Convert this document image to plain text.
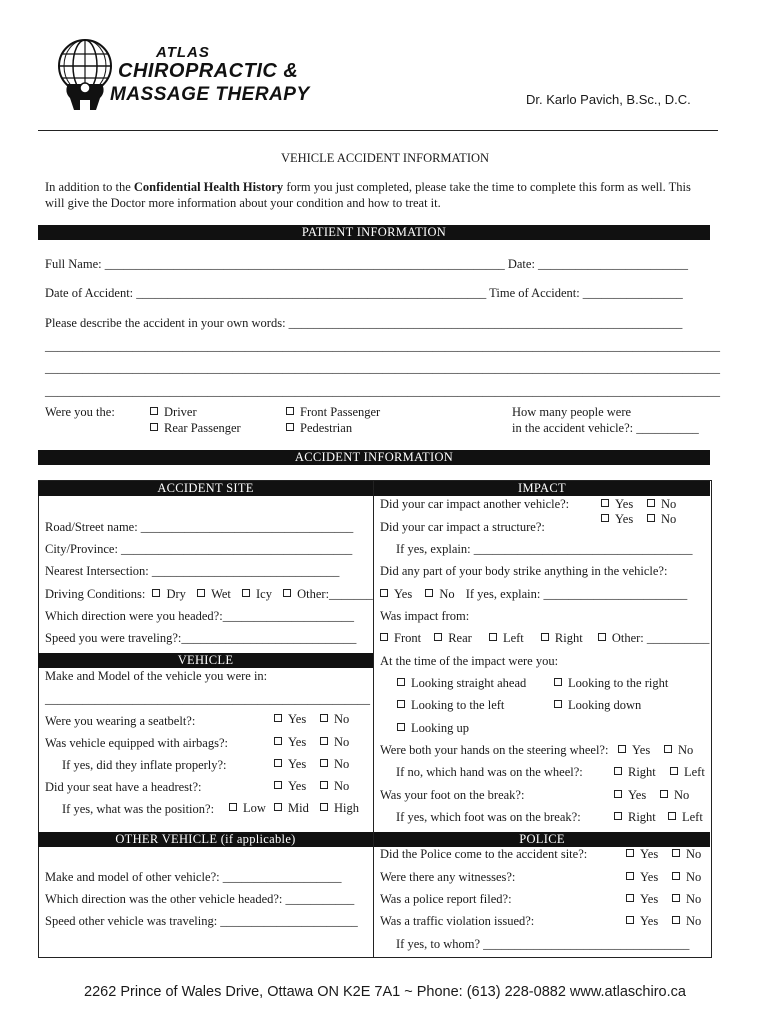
ATLAS
CHIROPRACTIC &
MASSAGE THERAPY	Dr. Karlo Pavich, B.Sc., D.C.
VEHICLE ACCIDENT INFORMATION
In addition to the Confidential Health History form you just completed, please take the time to complete this form as well. This
will give the Doctor more information about your condition and how to treat it.
PATIENT INFORMATION
Full Name: ________________________________________________________________ Date: ________________________
Date of Accident: ________________________________________________________ Time of Accident: ________________
Please describe the accident in your own words: _______________________________________________________________
____________________________________________________________________________________________________________
____________________________________________________________________________________________________________
____________________________________________________________________________________________________________
Were you the:	Driver
Rear Passenger
Front Passenger
Pedestrian
How many people were
in the accident vehicle?: __________
ACCIDENT INFORMATION
ACCIDENT SITE
Road/Street name: __________________________________
City/Province: _____________________________________
Nearest Intersection: ______________________________
Driving Conditions: Dry Wet Icy Other:_______
Which direction were you headed?:_____________________
Speed you were traveling?:____________________________
VEHICLE
Make and Model of the vehicle you were in:
____________________________________________________
Were you wearing a seatbelt?:	Yes	No
Was vehicle equipped with airbags?:	Yes	No
If yes, did they inflate properly?:	Yes	No
Did your seat have a headrest?:	Yes	No
If yes, what was the position?:	Low	Mid	High
OTHER VEHICLE (if applicable)
Make and model of other vehicle?: ___________________
Which direction was the other vehicle headed?: ___________
Speed other vehicle was traveling: ______________________
IMPACT
Did your car impact another vehicle?:	Yes	No
Did your car impact a structure?:
Yes	No
If yes, explain: ___________________________________
Did any part of your body strike anything in the vehicle?:
Yes No If yes, explain: _______________________
Was impact from:
Front Rear Left Right Other: __________
At the time of the impact were you:
Looking straight ahead	Looking to the right
Looking to the left	Looking down
Looking up
Were both your hands on the steering wheel?:	Yes	No
If no, which hand was on the wheel?:	Right	Left
Was your foot on the break?:	Yes	No
If yes, which foot was on the break?:	Right	Left
POLICE
Did the Police come to the accident site?:	Yes	No
Were there any witnesses?:	Yes	No
Was a police report filed?:	Yes	No
Was a traffic violation issued?:	Yes	No
If yes, to whom? _________________________________
2262 Prince of Wales Drive, Ottawa ON K2E 7A1 ~ Phone: (613) 228-0882 www.atlaschiro.ca
